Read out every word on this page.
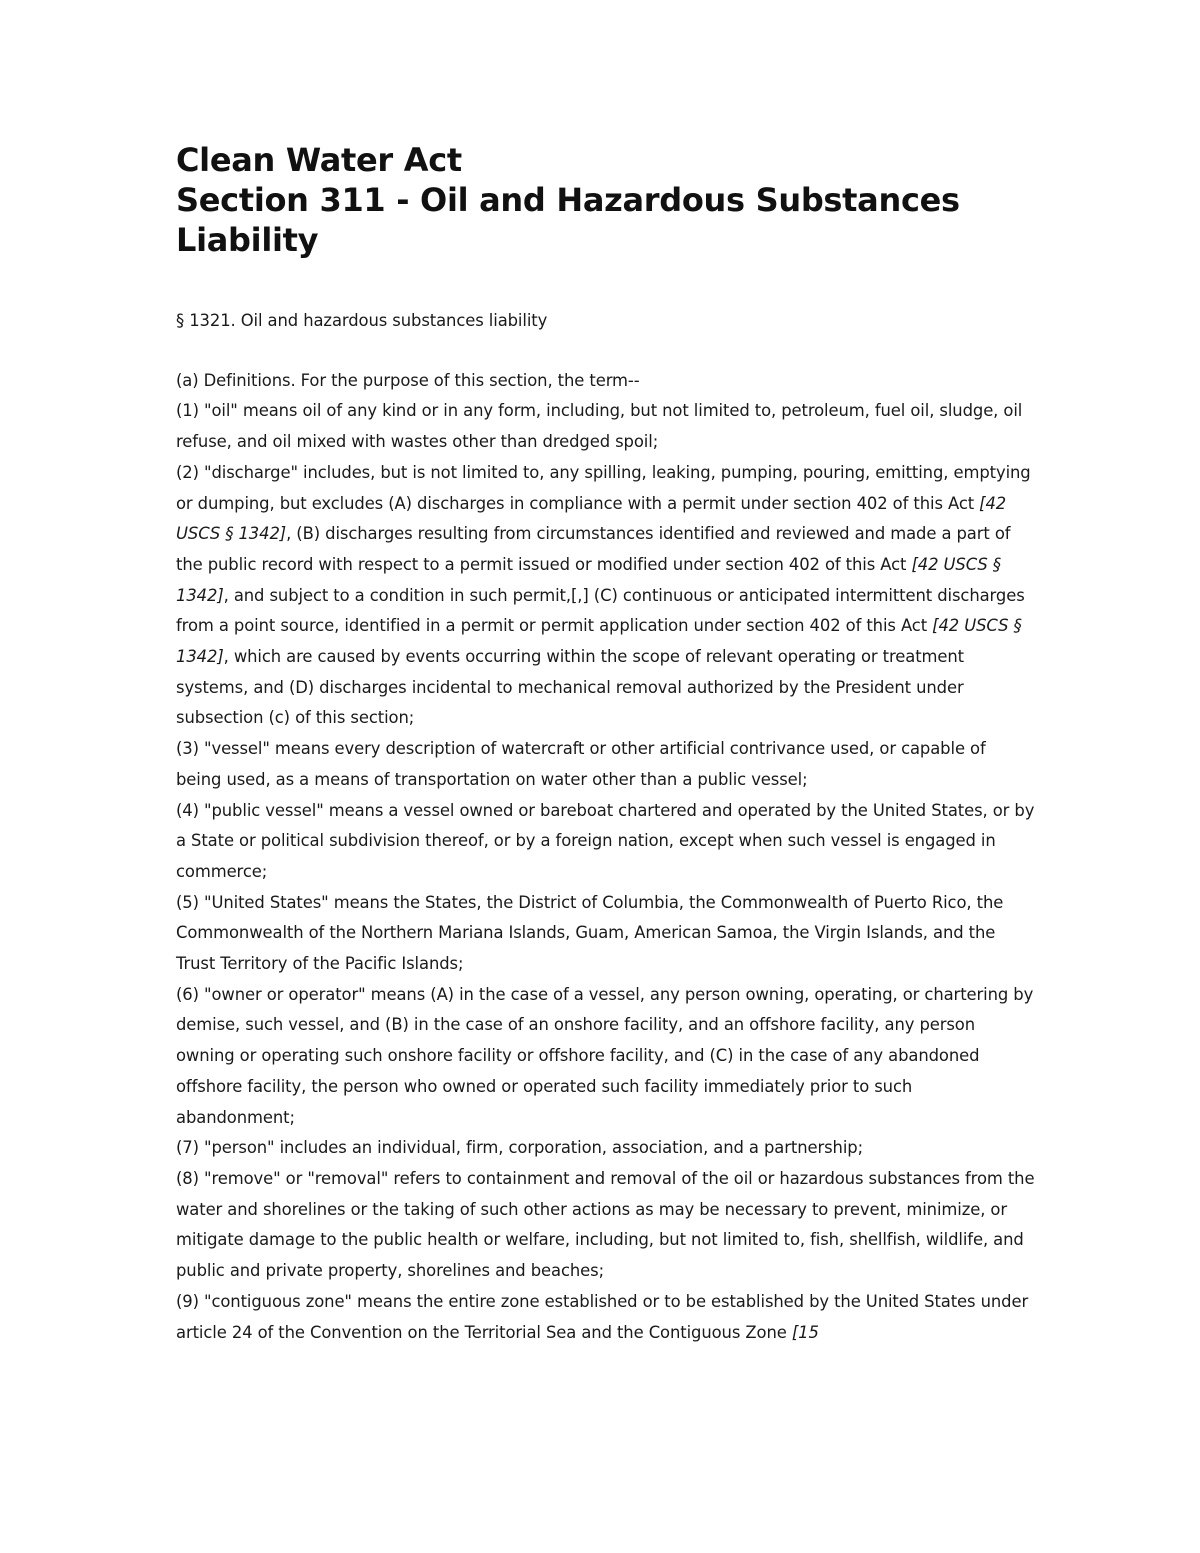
Clean Water Act
Section 311 - Oil and Hazardous Substances Liability
§ 1321. Oil and hazardous substances liability

(a) Definitions. For the purpose of this section, the term--

(1) "oil" means oil of any kind or in any form, including, but not limited to, petroleum, fuel oil, sludge, oil refuse, and oil mixed with wastes other than dredged spoil;

(2) "discharge" includes, but is not limited to, any spilling, leaking, pumping, pouring, emitting, emptying or dumping, but excludes (A) discharges in compliance with a permit under section 402 of this Act [42 USCS § 1342], (B) discharges resulting from circumstances identified and reviewed and made a part of the public record with respect to a permit issued or modified under section 402 of this Act [42 USCS § 1342], and subject to a condition in such permit,[,] (C) continuous or anticipated intermittent discharges from a point source, identified in a permit or permit application under section 402 of this Act [42 USCS § 1342], which are caused by events occurring within the scope of relevant operating or treatment systems, and (D) discharges incidental to mechanical removal authorized by the President under subsection (c) of this section;

(3) "vessel" means every description of watercraft or other artificial contrivance used, or capable of being used, as a means of transportation on water other than a public vessel;

(4) "public vessel" means a vessel owned or bareboat chartered and operated by the United States, or by a State or political subdivision thereof, or by a foreign nation, except when such vessel is engaged in commerce;

(5) "United States" means the States, the District of Columbia, the Commonwealth of Puerto Rico, the Commonwealth of the Northern Mariana Islands, Guam, American Samoa, the Virgin Islands, and the Trust Territory of the Pacific Islands;

(6) "owner or operator" means (A) in the case of a vessel, any person owning, operating, or chartering by demise, such vessel, and (B) in the case of an onshore facility, and an offshore facility, any person owning or operating such onshore facility or offshore facility, and (C) in the case of any abandoned offshore facility, the person who owned or operated such facility immediately prior to such abandonment;

(7) "person" includes an individual, firm, corporation, association, and a partnership;

(8) "remove" or "removal" refers to containment and removal of the oil or hazardous substances from the water and shorelines or the taking of such other actions as may be necessary to prevent, minimize, or mitigate damage to the public health or welfare, including, but not limited to, fish, shellfish, wildlife, and public and private property, shorelines and beaches;

(9) "contiguous zone" means the entire zone established or to be established by the United States under article 24 of the Convention on the Territorial Sea and the Contiguous Zone [15
